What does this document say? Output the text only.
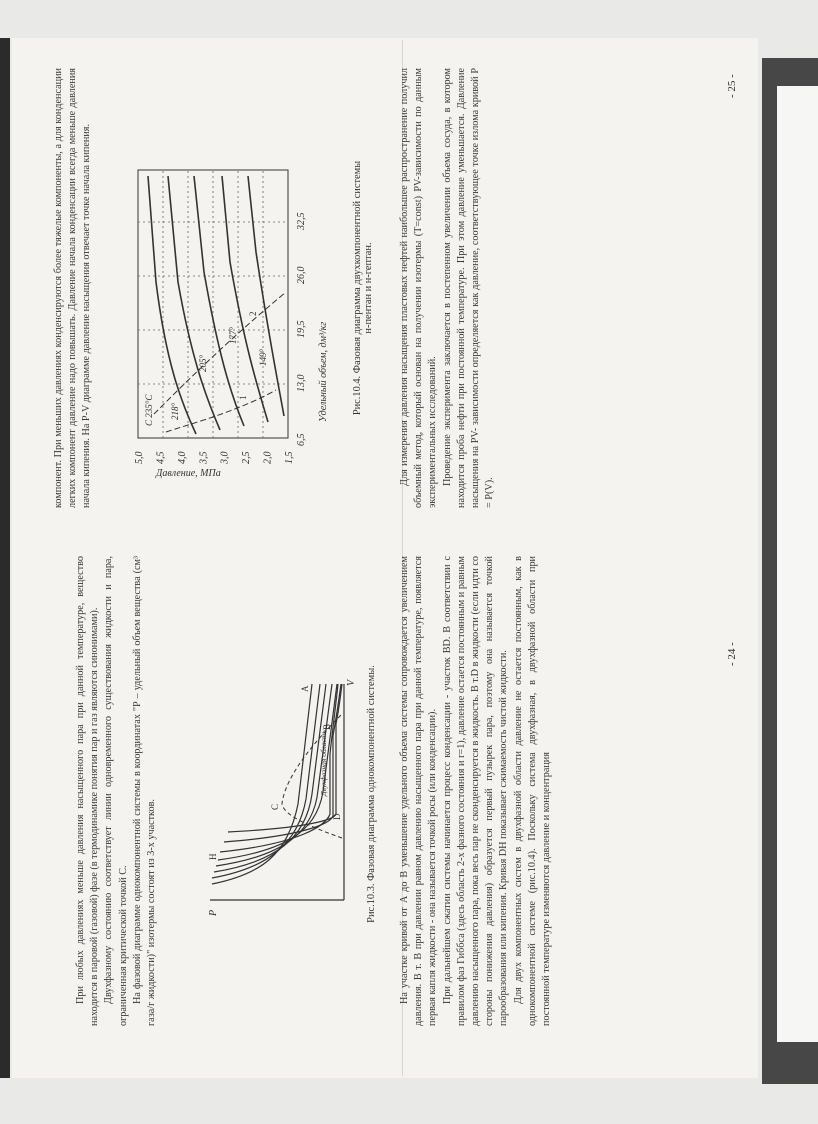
При любых давлениях меньше давления насыщенного пара при данной температуре, вещество находится в паровой (газовой) фазе (в термодинамике понятия пар и газ являются синонимами). Двухфазному состоянию соответствует линии одновременного существования жидкости и пара, ограниченная критической точкой С. На фазовой диаграмме однокомпонентной системы в координатах "Р – удельный объем вещества (см³ газа/г жидкости)" изотермы состоят из 3-х участков.	P
V
H
C
D
B
A
Двухфазная область	Рис.10.3. Фазовая диаграмма однокомпонентной системы. На участке кривой от А до В уменьшение удельного объема системы сопровождается увеличением давления. В т. В при давлении равном давлению насыщенного пара при данной температуре, появляется первая капля жидкости - она называется точкой росы (или конденсации). При дальнейшем сжатии системы начинается процесс конденсации - участок BD. В соответствии с правилом фаз Гиббса (здесь область 2-х фазного состояния и r=1), давление остается постоянным и равным давлению насыщенного пара, пока весь пар не сконденсируется в жидкость. В т.D в жидкости (если идти со стороны понижения давления) образуется первый пузырек пара, поэтому она называется точкой парообразования или кипения. Кривая DH показывает сжимаемость чистой жидкости. Для двух компонентных систем в двухфазной области давление не остается постоянным, как в однокомпонентной системе (рис.10.4). Поскольку система двухфазная, в двухфазной области при постоянной температуре изменяются давление и концентрация

- 24 -

компонент. При меньших давлениях конденсируются более тяжелые компоненты, а для конденсации легких компонент давление надо повышать. Давление начала конденсации всегда меньше давления начала кипения. На P-V диаграмме давление насыщения отвечает точке начала кипения.	Давление, МПа
1,5
2,0
2,5
3,0
3,5
4,0
4,5
5,0
С 235°С 218°
205°
177°
149°
1
2
6,5
13,0
19,5
26,0
32,5
Удельный объем, дм³/кг Рис.10.4. Фазовая диаграмма двухкомпонентной системы н-пентан и н-гептан. Для измерения давления насыщения пластовых нефтей наибольшее распространение получил объемный метод, который основан на получении изотермы (T=const) PV-зависимости по данным экспериментальных исследований. Проведение эксперимента заключается в постепенном увеличении объема сосуда, в котором находится проба нефти при постоянной температуре. При этом давление уменьшается. Давление насыщения на PV- зависимости определяется как давление, соответствующее точке излома кривой P = P(V).

- 25 -
